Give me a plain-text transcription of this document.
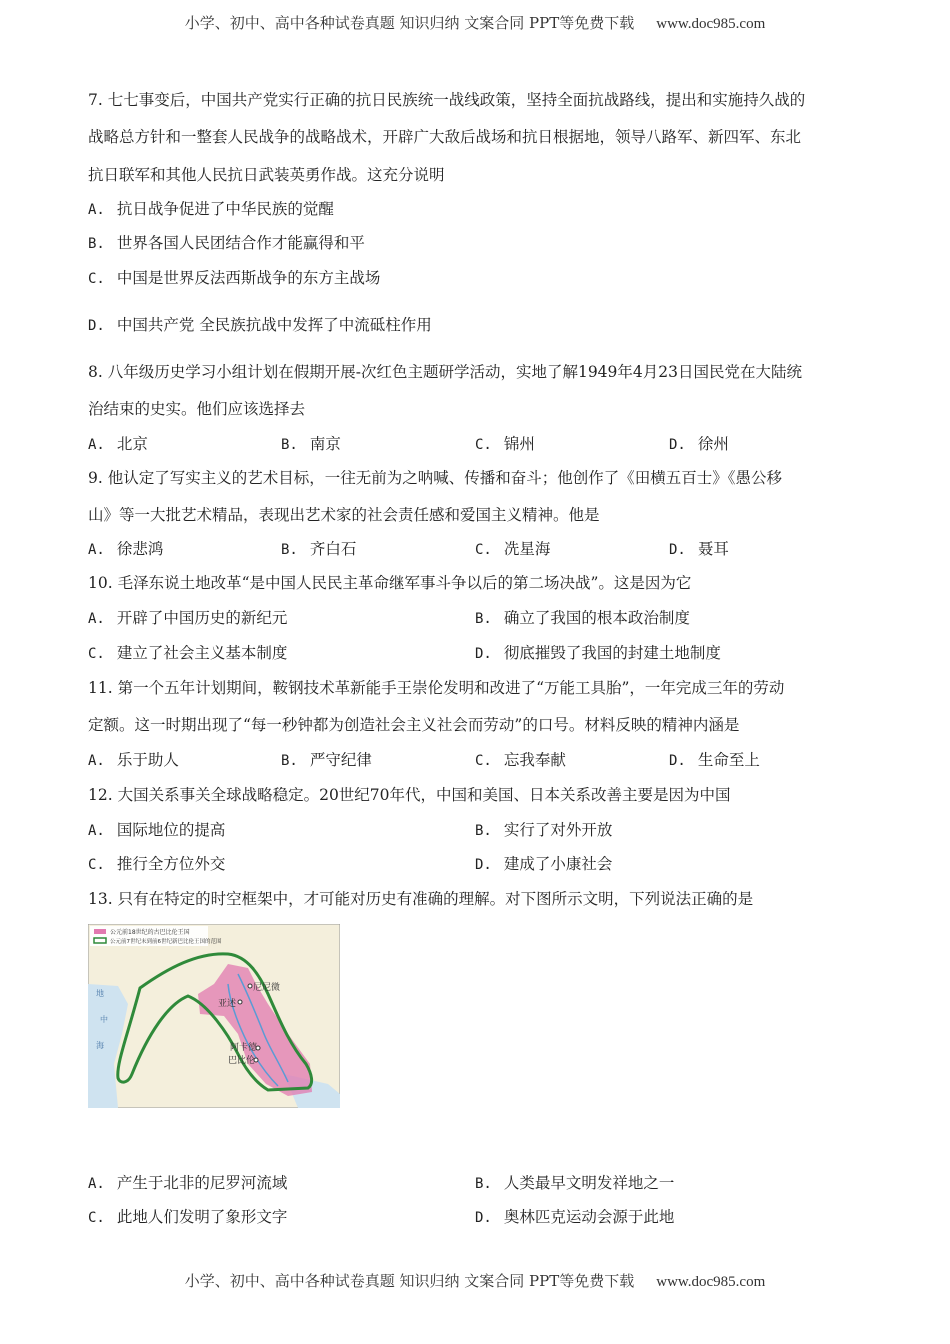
小学、初中、高中各种试卷真题 知识归纳 文案合同 PPT等免费下载 www.doc985.com
7. 七七事变后，中国共产党实行正确的抗日民族统一战线政策，坚持全面抗战路线，提出和实施持久战的
战略总方针和一整套人民战争的战略战术，开辟广大敌后战场和抗日根据地，领导八路军、新四军、东北
抗日联军和其他人民抗日武装英勇作战。这充分说明
A. 抗日战争促进了中华民族的觉醒
B. 世界各国人民团结合作才能赢得和平
C. 中国是世界反法西斯战争的东方主战场
D. 中国共产党 全民族抗战中发挥了中流砥柱作用
8. 八年级历史学习小组计划在假期开展-次红色主题研学活动，实地了解1949年4月23日国民党在大陆统
治结束的史实。他们应该选择去
A. 北京	B. 南京	C. 锦州	D. 徐州
9. 他认定了写实主义的艺术目标，一往无前为之呐喊、传播和奋斗；他创作了《田横五百士》《愚公移
山》等一大批艺术精品，表现出艺术家的社会责任感和爱国主义精神。他是
A. 徐悲鸿	B. 齐白石	C. 冼星海	D. 聂耳
10. 毛泽东说土地改革“是中国人民民主革命继军事斗争以后的第二场决战”。这是因为它
A. 开辟了中国历史的新纪元	B. 确立了我国的根本政治制度
C. 建立了社会主义基本制度	D. 彻底摧毁了我国的封建土地制度
11. 第一个五年计划期间，鞍钢技术革新能手王崇伦发明和改进了“万能工具胎”，一年完成三年的劳动
定额。这一时期出现了“每一秒钟都为创造社会主义社会而劳动”的口号。材料反映的精神内涵是
A. 乐于助人	B. 严守纪律	C. 忘我奉献	D. 生命至上
12. 大国关系事关全球战略稳定。20世纪70年代，中国和美国、日本关系改善主要是因为中国
A. 国际地位的提高	B. 实行了对外开放
C. 推行全方位外交	D. 建成了小康社会
13. 只有在特定的时空框架中，才可能对历史有准确的理解。对下图所示文明，下列说法正确的是
A. 产生于北非的尼罗河流域	B. 人类最早文明发祥地之一
C. 此地人们发明了象形文字	D. 奥林匹克运动会源于此地
公元前18世纪的古巴比伦王国
公元前7世纪末到前6世纪新巴比伦王国的范围
尼尼微
亚述
阿卡德
巴比伦
地
中
海
小学、初中、高中各种试卷真题 知识归纳 文案合同 PPT等免费下载 www.doc985.com
